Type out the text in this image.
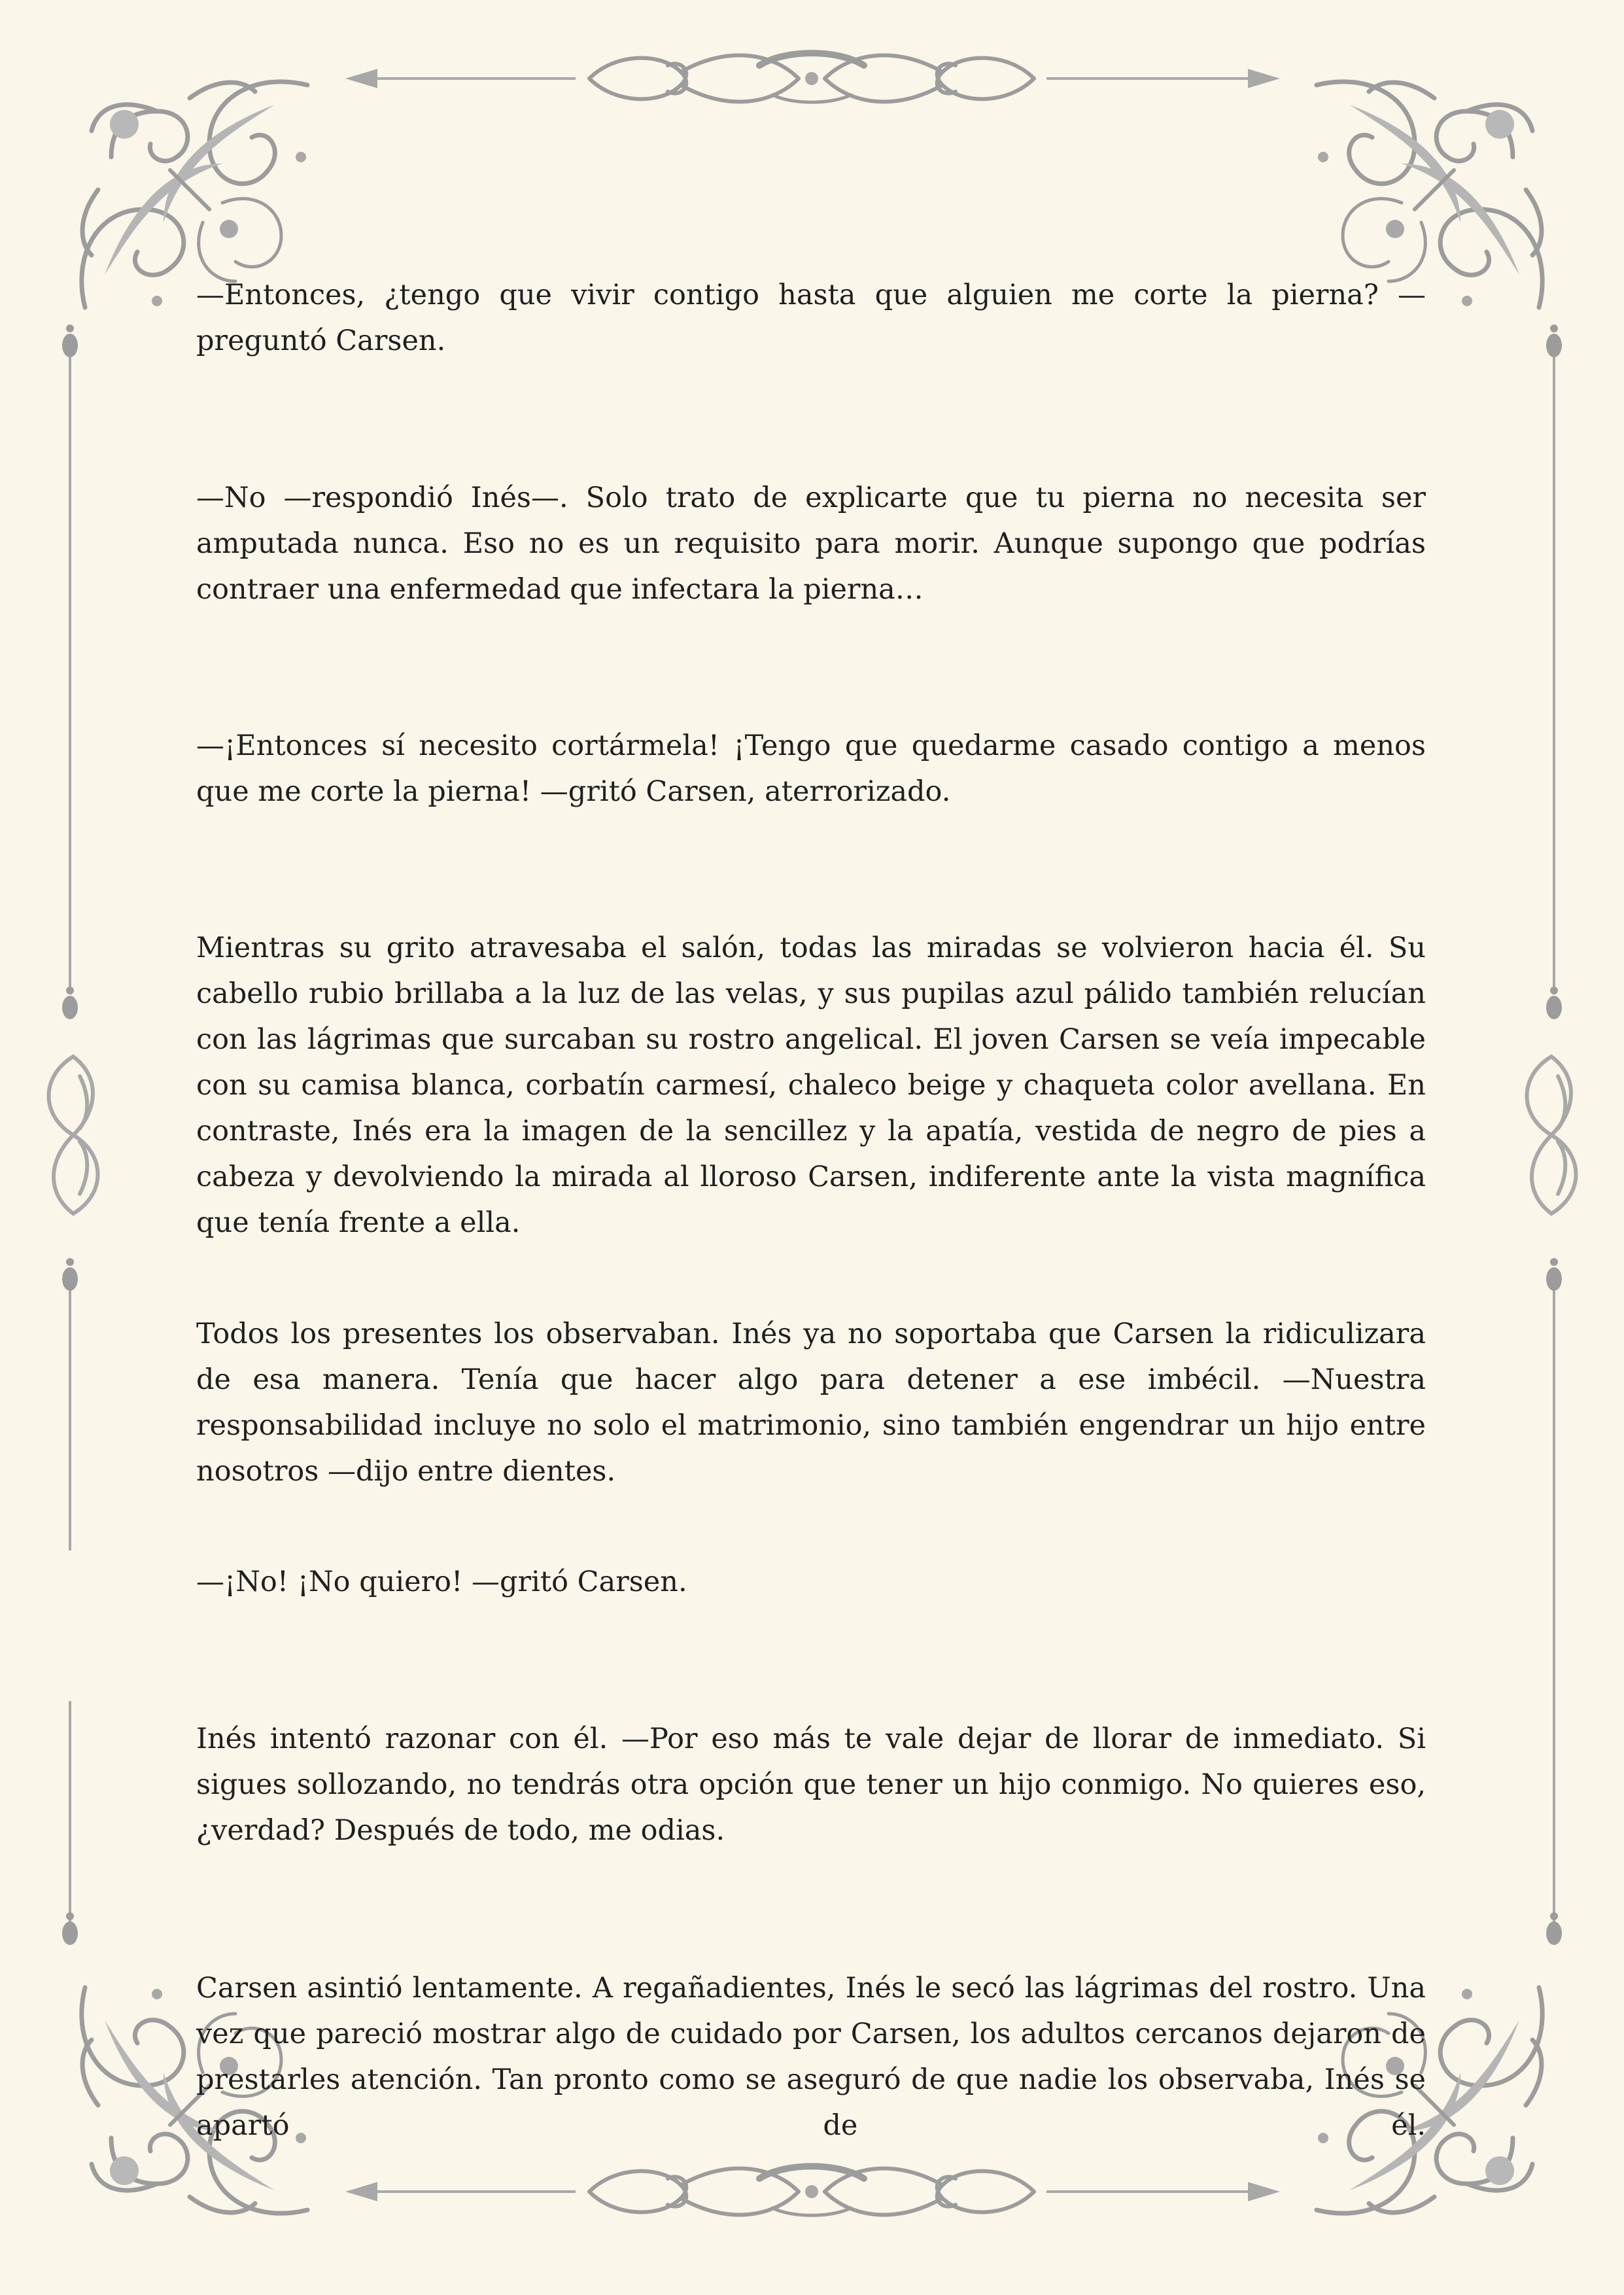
—Entonces, ¿tengo que vivir contigo hasta que alguien me corte la pierna? —preguntó Carsen.

—No —respondió Inés—. Solo trato de explicarte que tu pierna no necesita ser amputada nunca. Eso no es un requisito para morir. Aunque supongo que podrías contraer una enfermedad que infectara la pierna…

—¡Entonces sí necesito cortármela! ¡Tengo que quedarme casado contigo a menos que me corte la pierna! —gritó Carsen, aterrorizado.

Mientras su grito atravesaba el salón, todas las miradas se volvieron hacia él. Su cabello rubio brillaba a la luz de las velas, y sus pupilas azul pálido también relucían con las lágrimas que surcaban su rostro angelical. El joven Carsen se veía impecable con su camisa blanca, corbatín carmesí, chaleco beige y chaqueta color avellana. En contraste, Inés era la imagen de la sencillez y la apatía, vestida de negro de pies a cabeza y devolviendo la mirada al lloroso Carsen, indiferente ante la vista magnífica que tenía frente a ella.

Todos los presentes los observaban. Inés ya no soportaba que Carsen la ridiculizara de esa manera. Tenía que hacer algo para detener a ese imbécil. —Nuestra responsabilidad incluye no solo el matrimonio, sino también engendrar un hijo entre nosotros —dijo entre dientes.

—¡No! ¡No quiero! —gritó Carsen.

Inés intentó razonar con él. —Por eso más te vale dejar de llorar de inmediato. Si sigues sollozando, no tendrás otra opción que tener un hijo conmigo. No quieres eso, ¿verdad? Después de todo, me odias.

Carsen asintió lentamente. A regañadientes, Inés le secó las lágrimas del rostro. Una vez que pareció mostrar algo de cuidado por Carsen, los adultos cercanos dejaron de prestarles atención. Tan pronto como se aseguró de que nadie los observaba, Inés se apartó de él.
